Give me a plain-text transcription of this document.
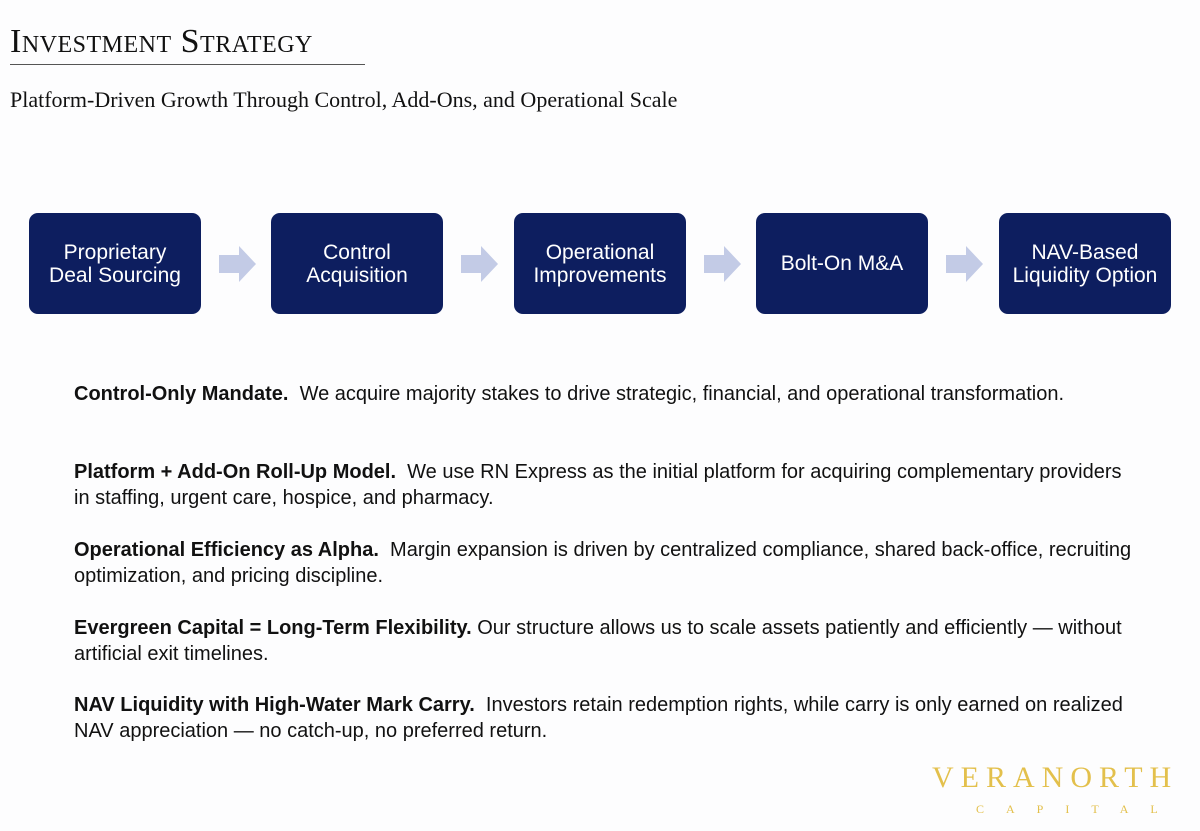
Investment Strategy

Platform-Driven Growth Through Control, Add-Ons, and Operational Scale

Proprietary
Deal Sourcing
Control
Acquisition
Operational
Improvements	Bolt-On M&A	NAV-Based
Liquidity Option

Control-Only Mandate. We acquire majority stakes to drive strategic, financial, and operational transformation.

Platform + Add-On Roll-Up Model. We use RN Express as the initial platform for acquiring complementary providers in staffing, urgent care, hospice, and pharmacy.

Operational Efficiency as Alpha. Margin expansion is driven by centralized compliance, shared back-office, recruiting optimization, and pricing discipline.

Evergreen Capital = Long-Term Flexibility. Our structure allows us to scale assets patiently and efficiently — without artificial exit timelines.

NAV Liquidity with High-Water Mark Carry. Investors retain redemption rights, while carry is only earned on realized NAV appreciation — no catch-up, no preferred return.

VERANORTH
CAPITAL
